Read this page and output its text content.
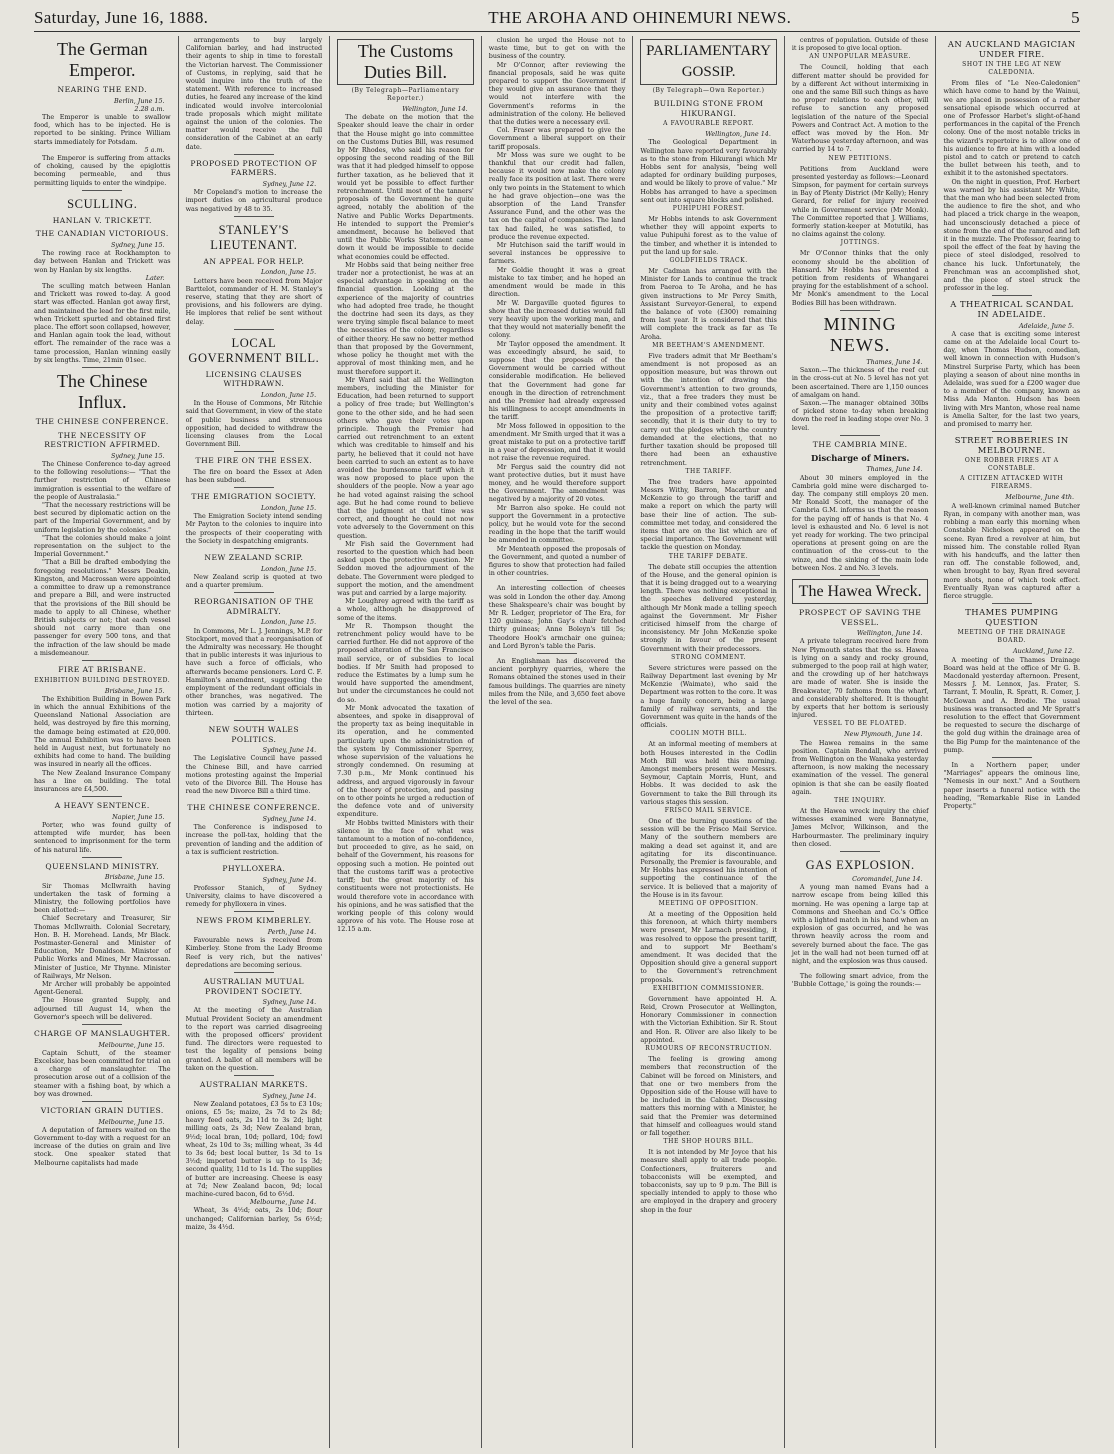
Saturday, June 16, 1888.	THE AROHA AND OHINEMURI NEWS.	5
The German Emperor.
NEARING THE END.
Berlin, June 15.
2.28 a.m.

The Emperor is unable to swallow food, which has to be injected. He is reported to be sinking. Prince William starts immediately for Potsdam.

5 a.m.

The Emperor is suffering from attacks of choking, caused by the epiglottis becoming permeable, and thus permitting liquids to enter the windpipe.

SCULLING.
HANLAN V. TRICKETT.
THE CANADIAN VICTORIOUS.
Sydney, June 15.

The rowing race at Rockhampton to day between Hanlan and Trickett was won by Hanlan by six lengths.

Later.

The sculling match between Hanlan and Trickett was rowed to-day. A good start was effected. Hanlan got away first, and maintained the lead for the first mile, when Trickett spurted and obtained first place. The effort soon collapsed, however, and Hanlan again took the lead, without effort. The remainder of the race was a tame procession, Hanlan winning easily by six lengths. Time, 21min 01sec.

The Chinese Influx.
THE CHINESE CONFERENCE.
THE NECESSITY OF RESTRICTION AFFIRMED.
Sydney, June 15.

The Chinese Conference to-day agreed to the following resolutions:— "That the further restriction of Chinese immigration is essential to the welfare of the people of Australasia."

"That the necessary restrictions will be best secured by diplomatic action on the part of the Imperial Government, and by uniform legislation by the colonies."

"That the colonies should make a joint representation on the subject to the Imperial Government."

"That a Bill be drafted embodying the foregoing resolutions." Messrs Deakin, Kingston, and Macrossan were appointed a committee to draw up a remonstrance and prepare a Bill, and were instructed that the provisions of the Bill should be made to apply to all Chinese, whether British subjects or not; that each vessel should not carry more than one passenger for every 500 tons, and that the infraction of the law should be made a misdemeanour.

FIRE AT BRISBANE.
EXHIBITION BUILDING DESTROYED.
Brisbane, June 15.

The Exhibition Building in Bowen Park in which the annual Exhibitions of the Queensland National Association are held, was destroyed by fire this morning, the damage being estimated at £20,000. The annual Exhibition was to have been held in August next, but fortunately no exhibits had come to hand. The building was insured in nearly all the offices.

The New Zealand Insurance Company has a line on building. The total insurances are £4,500.

A HEAVY SENTENCE.
Napier, June 15.

Porter, who was found guilty of attempted wife murder, has been sentenced to imprisonment for the term of his natural life.

QUEENSLAND MINISTRY.
Brisbane, June 15.

Sir Thomas McIlwraith having undertaken the task of forming a Ministry, the following portfolios have been allotted:—

Chief Secretary and Treasurer, Sir Thomas McIlwraith. Colonial Secretary, Hon. B. H. Morehead. Lands, Mr Black. Postmaster-General and Minister of Education, Mr Donaldson. Minister of Public Works and Mines, Mr Macrossan. Minister of Justice, Mr Thynne. Minister of Railways, Mr Nelson.

Mr Archer will probably be appointed Agent-General.

The House granted Supply, and adjourned till August 14, when the Governor's speech will be delivered.

CHARGE OF MANSLAUGHTER.
Melbourne, June 15.

Captain Schutt, of the steamer Excelsior, has been committed for trial on a charge of manslaughter. The prosecution arose out of a collision of the steamer with a fishing boat, by which a boy was drowned.

VICTORIAN GRAIN DUTIES.
Melbourne, June 15.

A deputation of farmers waited on the Government to-day with a request for an increase of the duties on grain and live stock. One speaker stated that Melbourne capitalists had made

arrangements to buy largely Californian barley, and had instructed their agents to ship in time to forestall the Victorian harvest. The Commissioner of Customs, in replying, said that he would inquire into the truth of the statement. With reference to increased duties, he feared any increase of the kind indicated would involve intercolonial trade proposals which might militate against the union of the colonies. The matter would receive the full consideration of the Cabinet at an early date.

PROPOSED PROTECTION OF FARMERS.
Sydney, June 12.

Mr Copeland's motion to increase the import duties on agricultural produce was negatived by 48 to 35.

STANLEY'S LIEUTENANT.
AN APPEAL FOR HELP.
London, June 15.

Letters have been received from Major Barttelot, commander of H. M. Stanley's reserve, stating that they are short of provisions, and his followers are dying. He implores that relief be sent without delay.

LOCAL GOVERNMENT BILL.
LICENSING CLAUSES WITHDRAWN.
London, June 15.

In the House of Commons, Mr Ritchie said that Government, in view of the state of public business and strenuous opposition, had decided to withdraw the licensing clauses from the Local Government Bill.

THE FIRE ON THE ESSEX.

The fire on board the Essex at Aden has been subdued.

THE EMIGRATION SOCIETY.
London, June 15.

The Emigration Society intend sending Mr Payton to the colonies to inquire into the prospects of their cooperating with the Society in despatching emigrants.

NEW ZEALAND SCRIP.
London, June 15.

New Zealand scrip is quoted at two and a quarter premium.

REORGANISATION OF THE ADMIRALTY.
London, June 15.

In Commons, Mr L. J. Jennings, M.P. for Stockport, moved that a reorganisation of the Admiralty was necessary. He thought that in public interests it was injurious to have such a force of officials, who afterwards became pensioners. Lord C. F. Hamilton's amendment, suggesting the employment of the redundant officials in other branches, was negatived. The motion was carried by a majority of thirteen.

NEW SOUTH WALES POLITICS.
Sydney, June 14.

The Legislative Council have passed the Chinese Bill, and have carried motions protesting against the Imperial veto of the Divorce Bill. The House has read the new Divorce Bill a third time.

THE CHINESE CONFERENCE.
Sydney, June 14.

The Conference is indisposed to increase the poll-tax, holding that the prevention of landing and the addition of a tax is sufficient restriction.

PHYLLOXERA.
Sydney, June 14.

Professor Stanich, of Sydney University, claims to have discovered a remedy for phylloxera in vines.

NEWS FROM KIMBERLEY.
Perth, June 14.

Favourable news is received from Kimberley. Stone from the Lady Broome Reef is very rich, but the natives' depredations are becoming serious.

AUSTRALIAN MUTUAL PROVIDENT SOCIETY.
Sydney, June 14.

At the meeting of the Australian Mutual Provident Society an amendment to the report was carried disagreeing with the proposed officers' provident fund. The directors were requested to test the legality of pensions being granted. A ballot of all members will be taken on the question.

AUSTRALIAN MARKETS.
Sydney, June 14.

New Zealand potatoes, £3 5s to £3 10s; onions, £5 5s; maize, 2s 7d to 2s 8d; heavy feed oats, 2s 11d to 3s 2d; light milling oats, 2s 3d; New Zealand bran, 9½d; local bran, 10d; pollard, 10d; fowl wheat, 2s 10d to 3s; milling wheat, 3s 4d to 3s 6d; best local butter, 1s 3d to 1s 3½d; imported butter is up to 1s 3d; second quality, 11d to 1s 1d. The supplies of butter are increasing. Cheese is easy at 7d; New Zealand bacon, 9d; local machine-cured bacon, 6d to 6½d.

Melbourne, June 14.

Wheat, 3s 4½d; oats, 2s 10d; flour unchanged; Californian barley, 5s 6½d; maize, 3s 4½d.

The Customs Duties Bill.
(By Telegraph—Parliamentary Reporter.)
Wellington, June 14.

The debate on the motion that the Speaker should leave the chair in order that the House might go into committee on the Customs Duties Bill, was resumed by Mr Rhodes, who said his reason for opposing the second reading of the Bill was that it had pledged himself to oppose further taxation, as he believed that it would yet be possible to effect further retrenchment. Until most of the tanners' proposals of the Government he quite agreed, notably the abolition of the Native and Public Works Departments. He intended to support the Premier's amendment, because he believed that until the Public Works Statement came down it would be impossible to decide what economies could be effected.

Mr Hobbs said that being neither free trader nor a protectionist, he was at an especial advantage in speaking on the financial question. Looking at the experience of the majority of countries who had adopted free trade, he thought the doctrine had seen its days, as they were trying simple fiscal balance to meet the necessities of the colony, regardless of either theory. He saw no better method than that proposed by the Government, whose policy he thought met with the approval of most thinking men, and he must therefore support it.

Mr Ward said that all the Wellington members, including the Minister for Education, had been returned to support a policy of free trade; but Wellington's gone to the other side, and he had seen others who gave their votes upon principle. Though the Premier had carried out retrenchment to an extent which was creditable to himself and his party, he believed that it could not have been carried to such an extent as to have avoided the burdensome tariff which it was now proposed to place upon the shoulders of the people. Now a year ago he had voted against raising the school age. But he had come round to believe that the judgment at that time was correct, and thought he could not now vote adversely to the Government on this question.

Mr Fish said the Government had resorted to the question which had been asked upon the protective question. Mr Seddon moved the adjournment of the debate. The Government were pledged to support the motion, and the amendment was put and carried by a large majority.

Mr Loughrey agreed with the tariff as a whole, although he disapproved of some of the items.

Mr R. Thompson thought the retrenchment policy would have to be carried further. He did not approve of the proposed alteration of the San Francisco mail service, or of subsidies to local bodies. If Mr Smith had proposed to reduce the Estimates by a lump sum he would have supported the amendment, but under the circumstances he could not do so.

Mr Monk advocated the taxation of absentees, and spoke in disapproval of the property tax as being inequitable in its operation, and he commented particularly upon the administration of the system by Commissioner Sperrey, whose supervision of the valuations he strongly condemned. On resuming at 7.30 p.m., Mr Monk continued his address, and argued vigorously in favour of the theory of protection, and passing on to other points he urged a reduction of the defence vote and of university expenditure.

Mr Hobbs twitted Ministers with their silence in the face of what was tantamount to a motion of no-confidence, but proceeded to give, as he said, on behalf of the Government, his reasons for opposing such a motion. He pointed out that the customs tariff was a protective tariff; but the great majority of his constituents were not protectionists. He would therefore vote in accordance with his opinions, and he was satisfied that the working people of this colony would approve of his vote. The House rose at 12.15 a.m.

clusion he urged the House not to waste time, but to get on with the business of the country.

Mr O'Connor, after reviewing the financial proposals, said he was quite prepared to support the Government if they would give an assurance that they would not interfere with the Government's reforms in the administration of the colony. He believed that the duties were a necessary evil.

Col. Fraser was prepared to give the Government a liberal support on their tariff proposals.

Mr Moss was sure we ought to be thankful that our credit had fallen, because it would now make the colony really face its position at last. There were only two points in the Statement to which he had grave objection—one was the absorption of the Land Transfer Assurance Fund, and the other was the tax on the capital of companies. The land tax had failed, he was satisfied, to produce the revenue expected.

Mr Hutchison said the tariff would in several instances be oppressive to farmers.

Mr Goldie thought it was a great mistake to tax timber, and he hoped an amendment would be made in this direction.

Mr W. Dargaville quoted figures to show that the increased duties would fall very heavily upon the working man, and that they would not materially benefit the colony.

Mr Taylor opposed the amendment. It was exceedingly absurd, he said, to suppose that the proposals of the Government would be carried without considerable modification. He believed that the Government had gone far enough in the direction of retrenchment and the Premier had already expressed his willingness to accept amendments in the tariff.

Mr Moss followed in opposition to the amendment. Mr Smith urged that it was a great mistake to put on a protective tariff in a year of depression, and that it would not raise the revenue required.

Mr Fergus said the country did not want protective duties, but it must have money, and he would therefore support the Government. The amendment was negatived by a majority of 20 votes.

Mr Barron also spoke. He could not support the Government in a protective policy, but he would vote for the second reading in the hope that the tariff would be amended in committee.

Mr Menteath opposed the proposals of the Government, and quoted a number of figures to show that protection had failed in other countries.

An interesting collection of cheeses was sold in London the other day. Among these Shakspeare's chair was bought by Mr R. Ledger, proprietor of The Era, for 120 guineas; John Gay's chair fetched thirty guineas; Anne Boleyn's till 5s; Theodore Hook's armchair one guinea; and Lord Byron's table the Paris.

An Englishman has discovered the ancient porphyry quarries, where the Romans obtained the stones used in their famous buildings. The quarries are ninety miles from the Nile, and 3,650 feet above the level of the sea.

PARLIAMENTARY GOSSIP.
(By Telegraph—Own Reporter.)
BUILDING STONE FROM HIKURANGI.
A FAVOURABLE REPORT.
Wellington, June 14.

The Geological Department in Wellington have reported very favourably as to the stone from Hikurangi which Mr Hobbs sent for analysis, "being well adapted for ordinary building purposes, and would be likely to prove of value." Mr Hobbs has arranged to have a specimen sent out into square blocks and polished.

PUHIPUHI FOREST.

Mr Hobbs intends to ask Government whether they will appoint experts to value Puhipuhi forest as to the value of the timber, and whether it is intended to put the land up for sale.

GOLDFIELDS TRACK.

Mr Cadman has arranged with the Minister for Lands to continue the track from Paeroa to Te Aroha, and he has given instructions to Mr Percy Smith, Assistant Surveyor-General, to expend the balance of vote (£300) remaining from last year. It is considered that this will complete the track as far as Te Aroha.

MR BEETHAM'S AMENDMENT.

Five traders admit that Mr Beetham's amendment is not proposed as an opposition measure, but was thrown out with the intention of drawing the Government's attention to two grounds, viz., that a free traders they must be unity and their combined votes against the proposition of a protective tariff; secondly, that it is their duty to try to carry out the pledges which the country demanded at the elections, that no further taxation should be proposed till there had been an exhaustive retrenchment.

THE TARIFF.

The free traders have appointed Messrs Withy, Barron, Macarthur and McKenzie to go through the tariff and make a report on which the party will base their line of action. The sub-committee met today, and considered the items that are on the list which are of special importance. The Government will tackle the question on Monday.

THE TARIFF DEBATE.

The debate still occupies the attention of the House, and the general opinion is that it is being dragged out to a wearying length. There was nothing exceptional in the speeches delivered yesterday, although Mr Monk made a telling speech against the Government. Mr Fisher criticised himself from the charge of inconsistency. Mr John McKenzie spoke strongly in favour of the present Government with their predecessors.

STRONG COMMENT.

Severe strictures were passed on the Railway Department last evening by Mr McKenzie (Waimate), who said the Department was rotten to the core. It was a huge family concern, being a large family of railway servants, and the Government was quite in the hands of the officials.

COOLIN MOTH BILL.

At an informal meeting of members at both Houses interested in the Codlin Moth Bill was held this morning. Amongst members present were Messrs. Seymour, Captain Morris, Hunt, and Hobbs. It was decided to ask the Government to take the Bill through its various stages this session.

FRISCO MAIL SERVICE.

One of the burning questions of the session will be the Frisco Mail Service. Many of the southern members are making a dead set against it, and are agitating for its discontinuance. Personally, the Premier is favourable, and Mr Hobbs has expressed his intention of supporting the continuance of the service. It is believed that a majority of the House is in its favour.

MEETING OF OPPOSITION.

At a meeting of the Opposition held this forenoon, at which thirty members were present, Mr Larnach presiding, it was resolved to oppose the present tariff, and to support Mr Beetham's amendment. It was decided that the Opposition should give a general support to the Government's retrenchment proposals.

EXHIBITION COMMISSIONER.

Government have appointed H. A. Reid, Crown Prosecutor at Wellington, Honorary Commissioner in connection with the Victorian Exhibition. Sir R. Stout and Hon. R. Oliver are also likely to be appointed.

RUMOURS OF RECONSTRUCTION.

The feeling is growing among members that reconstruction of the Cabinet will be forced on Ministers, and that one or two members from the Opposition side of the House will have to be included in the Cabinet. Discussing matters this morning with a Minister, he said that the Premier was determined that himself and colleagues would stand or fall together.

THE SHOP HOURS BILL.

It is not intended by Mr Joyce that his measure shall apply to all trade people. Confectioners, fruiterers and tobacconists will be exempted, and tobacconists, say up to 9 p.m. The Bill is specially intended to apply to those who are employed in the drapery and grocery shop in the four

centres of population. Outside of these it is proposed to give local option.

AN UNPOPULAR MEASURE.

The Council, holding that each different matter should be provided for by a different Act without intermixing in one and the same Bill such things as have no proper relations to each other, will refuse to sanction any proposed legislation of the nature of the Special Powers and Contract Act. A motion to the effect was moved by the Hon. Mr Waterhouse yesterday afternoon, and was carried by 14 to 7.

NEW PETITIONS.

Petitions from Auckland were presented yesterday as follows:—Leonard Simpson, for payment for certain surveys in Bay of Plenty District (Mr Kelly); Henry Gerard, for relief for injury received while in Government service (Mr Monk). The Committee reported that J. Williams, formerly station-keeper at Motutiki, has no claims against the colony.

JOTTINGS.

Mr O'Connor thinks that the only economy should be the abolition of Hansard. Mr Hobbs has presented a petition from residents of Whangarei praying for the establishment of a school. Mr Monk's amendment to the Local Bodies Bill has been withdrawn.

MINING NEWS.
Thames, June 14.

Saxon.—The thickness of the reef cut in the cross-cut at No. 5 level has not yet been ascertained. There are 1,150 ounces of amalgam on hand.

Saxon.—The manager obtained 30lbs of picked stone to-day when breaking down the reef in leading stope over No. 3 level.

THE CAMBRIA MINE.
Discharge of Miners.
Thames, June 14.

About 30 miners employed in the Cambria gold mine were discharged to-day. The company still employs 20 men. Mr Ronald Scott, the manager of the Cambria G.M. informs us that the reason for the paying off of hands is that No. 4 level is exhausted and No. 6 level is not yet ready for working. The two principal operations at present going on are the continuation of the cross-cut to the winze, and the sinking of the main lode between Nos. 2 and No. 3 levels.

The Hawea Wreck.
PROSPECT OF SAVING THE VESSEL.
Wellington, June 14.

A private telegram received here from New Plymouth states that the ss. Hawea is lying on a sandy and rocky ground, submerged to the poop rail at high water, and the crowding up of her hatchways are made of water. She is inside the Breakwater, 70 fathoms from the wharf, and considerably sheltered. It is thought by experts that her bottom is seriously injured.

VESSEL TO BE FLOATED.
New Plymouth, June 14.

The Hawea remains in the same position. Captain Bendall, who arrived from Wellington on the Wanaka yesterday afternoon, is now making the necessary examination of the vessel. The general opinion is that she can be easily floated again.

THE INQUIRY.

At the Hawea wreck inquiry the chief witnesses examined were Bannatyne, James McIvor, Wilkinson, and the Harbourmaster. The preliminary inquiry then closed.

GAS EXPLOSION.
Coromandel, June 14.

A young man named Evans had a narrow escape from being killed this morning. He was opening a large tap at Commons and Sheehan and Co.'s Office with a lighted match in his hand when an explosion of gas occurred, and he was thrown heavily across the room and severely burned about the face. The gas jet in the wall had not been turned off at night, and the explosion was thus caused.

The following smart advice, from the 'Bubble Cottage,' is going the rounds:—

AN AUCKLAND MAGICIAN UNDER FIRE.
SHOT IN THE LEG AT NEW CALEDONIA.

From files of "Le Neo-Caledonien" which have come to hand by the Wainui, we are placed in possession of a rather sensational episode which occurred at one of Professor Harbet's slight-of-hand performances in the capital of the French colony. One of the most notable tricks in the wizard's repertoire is to allow one of his audience to fire at him with a loaded pistol and to catch or pretend to catch the bullet between his teeth, and to exhibit it to the astonished spectators.

On the night in question, Prof. Herbert was warned by his assistant Mr White, that the man who had been selected from the audience to fire the shot, and who had placed a trick charge in the weapon, had unconsciously detached a piece of stone from the end of the ramrod and left it in the muzzle. The Professor, fearing to spoil the effect of the feat by having the piece of steel dislodged, resolved to chance his luck. Unfortunately, the Frenchman was an accomplished shot, and the piece of steel struck the professor in the leg.

A THEATRICAL SCANDAL IN ADELAIDE.
Adelaide, June 5.

A case that is exciting some interest came on at the Adelaide local Court to-day, when Thomas Hudson, comedian, well known in connection with Hudson's Minstrel Surprise Party, which has been playing a season of about nine months in Adelaide, was sued for a £200 wager due to a member of the company, known as Miss Ada Manton. Hudson has been living with Mrs Manton, whose real name is Amelia Salter, for the last two years, and promised to marry her.

STREET ROBBERIES IN MELBOURNE.
ONE ROBBER FIRES AT A CONSTABLE.
A CITIZEN ATTACKED WITH FIREARMS.
Melbourne, June 4th.

A well-known criminal named Butcher Ryan, in company with another man, was robbing a man early this morning when Constable Nicholson appeared on the scene. Ryan fired a revolver at him, but missed him. The constable rolled Ryan with his handcuffs, and the latter then ran off. The constable followed, and, when brought to bay, Ryan fired several more shots, none of which took effect. Eventually Ryan was captured after a fierce struggle.

THAMES PUMPING QUESTION
MEETING OF THE DRAINAGE BOARD.
Auckland, June 12.

A meeting of the Thames Drainage Board was held at the office of Mr G. B. Macdonald yesterday afternoon. Present, Messrs J. M. Lennox, Jas. Frater, S. Tarrant, T. Moulin, R. Spratt, R. Comer, J. McGowan and A. Brodie. The usual business was transacted and Mr Spratt's resolution to the effect that Government be requested to secure the discharge of the gold dug within the drainage area of the Big Pump for the maintenance of the pump.

In a Northern paper, under "Marriages" appears the ominous line, "Nemesis in our next." And a Southern paper inserts a funeral notice with the heading, "Remarkable Rise in Landed Property."
